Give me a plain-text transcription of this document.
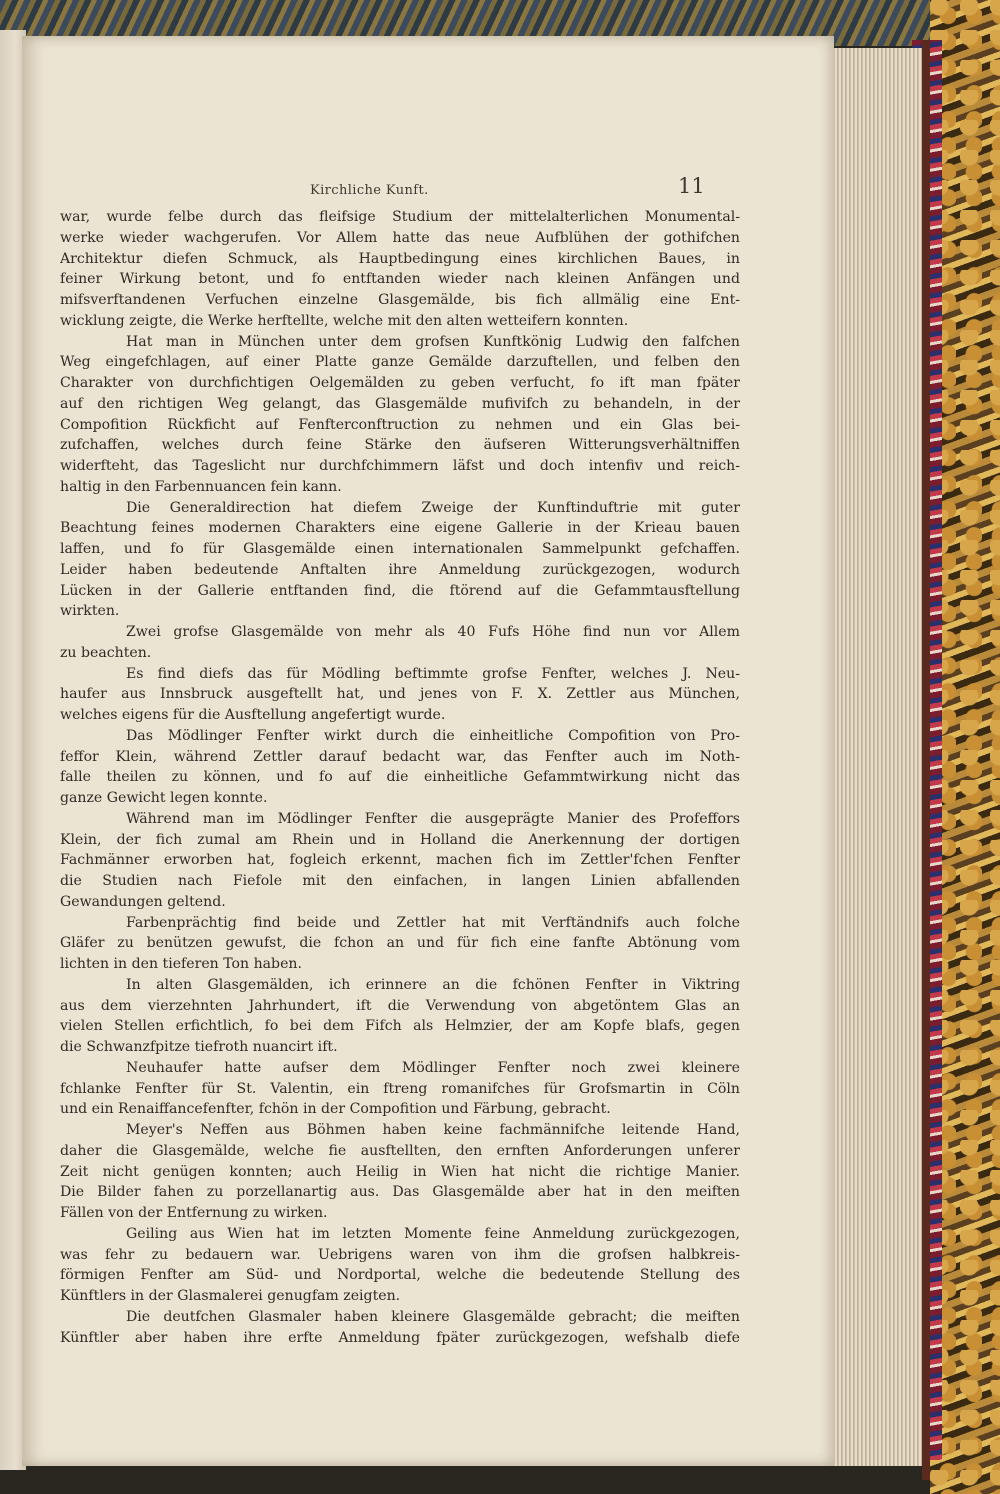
Kirchliche Kunft.	11
war, wurde felbe durch das fleifsige Studium der mittelalterlichen Monumental-
werke wieder wachgerufen. Vor Allem hatte das neue Aufblühen der gothifchen
Architektur diefen Schmuck, als Hauptbedingung eines kirchlichen Baues, in
feiner Wirkung betont, und fo entftanden wieder nach kleinen Anfängen und
mifsverftandenen Verfuchen einzelne Glasgemälde, bis fich allmälig eine Ent-
wicklung zeigte, die Werke herftellte, welche mit den alten wetteifern konnten.
Hat man in München unter dem grofsen Kunftkönig Ludwig den falfchen
Weg eingefchlagen, auf einer Platte ganze Gemälde darzuftellen, und felben den
Charakter von durchfichtigen Oelgemälden zu geben verfucht, fo ift man fpäter
auf den richtigen Weg gelangt, das Glasgemälde mufivifch zu behandeln, in der
Compofition Rückficht auf Fenfterconftruction zu nehmen und ein Glas bei-
zufchaffen, welches durch feine Stärke den äufseren Witterungsverhältniffen
widerfteht, das Tageslicht nur durchfchimmern läfst und doch intenfiv und reich-
haltig in den Farbennuancen fein kann.
Die Generaldirection hat diefem Zweige der Kunftinduftrie mit guter
Beachtung feines modernen Charakters eine eigene Gallerie in der Krieau bauen
laffen, und fo für Glasgemälde einen internationalen Sammelpunkt gefchaffen.
Leider haben bedeutende Anftalten ihre Anmeldung zurückgezogen, wodurch
Lücken in der Gallerie entftanden find, die ftörend auf die Gefammtausftellung
wirkten.
Zwei grofse Glasgemälde von mehr als 40 Fufs Höhe find nun vor Allem
zu beachten.
Es find diefs das für Mödling beftimmte grofse Fenfter, welches J. Neu-
haufer aus Innsbruck ausgeftellt hat, und jenes von F. X. Zettler aus München,
welches eigens für die Ausftellung angefertigt wurde.
Das Mödlinger Fenfter wirkt durch die einheitliche Compofition von Pro-
feffor Klein, während Zettler darauf bedacht war, das Fenfter auch im Noth-
falle theilen zu können, und fo auf die einheitliche Gefammtwirkung nicht das
ganze Gewicht legen konnte.
Während man im Mödlinger Fenfter die ausgeprägte Manier des Profeffors
Klein, der fich zumal am Rhein und in Holland die Anerkennung der dortigen
Fachmänner erworben hat, fogleich erkennt, machen fich im Zettler'fchen Fenfter
die Studien nach Fiefole mit den einfachen, in langen Linien abfallenden
Gewandungen geltend.
Farbenprächtig find beide und Zettler hat mit Verftändnifs auch folche
Gläfer zu benützen gewufst, die fchon an und für fich eine fanfte Abtönung vom
lichten in den tieferen Ton haben.
In alten Glasgemälden, ich erinnere an die fchönen Fenfter in Viktring
aus dem vierzehnten Jahrhundert, ift die Verwendung von abgetöntem Glas an
vielen Stellen erfichtlich, fo bei dem Fifch als Helmzier, der am Kopfe blafs, gegen
die Schwanzfpitze tiefroth nuancirt ift.
Neuhaufer hatte aufser dem Mödlinger Fenfter noch zwei kleinere
fchlanke Fenfter für St. Valentin, ein ftreng romanifches für Grofsmartin in Cöln
und ein Renaiffancefenfter, fchön in der Compofition und Färbung, gebracht.
Meyer's Neffen aus Böhmen haben keine fachmännifche leitende Hand,
daher die Glasgemälde, welche fie ausftellten, den ernften Anforderungen unferer
Zeit nicht genügen konnten; auch Heilig in Wien hat nicht die richtige Manier.
Die Bilder fahen zu porzellanartig aus. Das Glasgemälde aber hat in den meiften
Fällen von der Entfernung zu wirken.
Geiling aus Wien hat im letzten Momente feine Anmeldung zurückgezogen,
was fehr zu bedauern war. Uebrigens waren von ihm die grofsen halbkreis-
förmigen Fenfter am Süd- und Nordportal, welche die bedeutende Stellung des
Künftlers in der Glasmalerei genugfam zeigten.
Die deutfchen Glasmaler haben kleinere Glasgemälde gebracht; die meiften
Künftler aber haben ihre erfte Anmeldung fpäter zurückgezogen, wefshalb diefe
